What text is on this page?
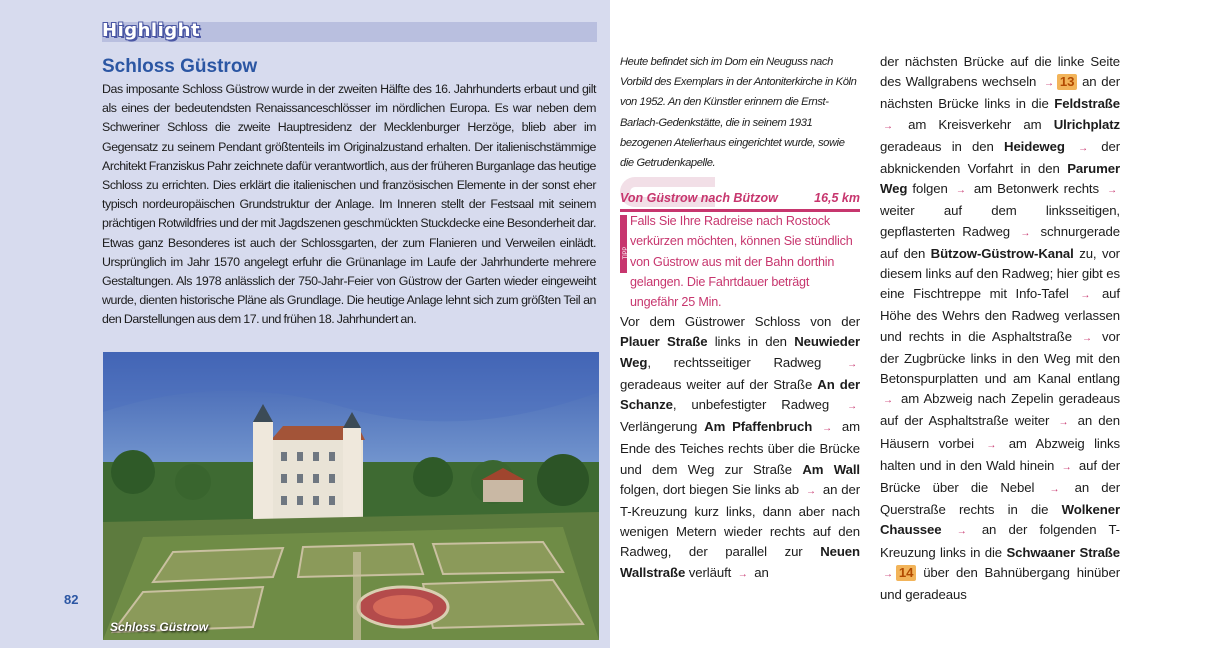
Highlight
Schloss Güstrow
Das imposante Schloss Güstrow wurde in der zweiten Hälfte des 16. Jahrhunderts erbaut und gilt als eines der bedeutendsten Renaissanceschlösser im nördlichen Europa. Es war neben dem Schweriner Schloss die zweite Hauptresidenz der Mecklenburger Herzöge, blieb aber im Gegensatz zu seinem Pendant größtenteils im Originalzustand erhalten. Der italienischstämmige Architekt Franziskus Pahr zeichnete dafür verantwortlich, aus der früheren Burganlage das heutige Schloss zu errichten. Dies erklärt die italienischen und französischen Elemente in der sonst eher typisch nordeuropäischen Grundstruktur der Anlage. Im Inneren stellt der Festsaal mit seinem prächtigen Rotwildfries und der mit Jagdszenen geschmückten Stuckdecke eine Besonderheit dar. Etwas ganz Besonderes ist auch der Schlossgarten, der zum Flanieren und Verweilen einlädt. Ursprünglich im Jahr 1570 angelegt erfuhr die Grünanlage im Laufe der Jahrhunderte mehrere Gestaltungen. Als 1978 anlässlich der 750-Jahr-Feier von Güstrow der Garten wieder eingeweiht wurde, dienten historische Pläne als Grundlage. Die heutige Anlage lehnt sich zum größten Teil an den Darstellungen aus dem 17. und frühen 18. Jahrhundert an.
Schloss Güstrow
82
Heute befindet sich im Dom ein Neuguss nach Vorbild des Exemplars in der Antoniterkirche in Köln von 1952. An den Künstler erinnern die Ernst-Barlach-Gedenkstätte, die in seinem 1931 bezogenen Atelierhaus eingerichtet wurde, sowie die Getrudenkapelle.
Von Güstrow nach Bützow	16,5 km
TIPP
Falls Sie Ihre Radreise nach Rostock verkürzen möchten, können Sie stündlich von Güstrow aus mit der Bahn dorthin gelangen. Die Fahrtdauer beträgt ungefähr 25 Min.
Vor dem Güstrower Schloss von der Plauer Straße links in den Neuwieder Weg, rechtsseitiger Radweg → geradeaus weiter auf der Straße An der Schanze, unbefestigter Radweg → Verlängerung Am Pfaffenbruch → am Ende des Teiches rechts über die Brücke und dem Weg zur Straße Am Wall folgen, dort biegen Sie links ab → an der T-Kreuzung kurz links, dann aber nach wenigen Metern wieder rechts auf den Radweg, der parallel zur Neuen Wallstraße verläuft → an
der nächsten Brücke auf die linke Seite des Wallgrabens wechseln → 13 an der nächsten Brücke links in die Feldstraße → am Kreisverkehr am Ulrichplatz geradeaus in den Heideweg → der abknickenden Vorfahrt in den Parumer Weg folgen → am Betonwerk rechts → weiter auf dem linksseitigen, gepflasterten Radweg → schnurgerade auf den Bützow-Güstrow-Kanal zu, vor diesem links auf den Radweg; hier gibt es eine Fischtreppe mit Info-Tafel → auf Höhe des Wehrs den Radweg verlassen und rechts in die Asphaltstraße → vor der Zugbrücke links in den Weg mit den Betonspurplatten und am Kanal entlang → am Abzweig nach Zepelin geradeaus auf der Asphaltstraße weiter → an den Häusern vorbei → am Abzweig links halten und in den Wald hinein → auf der Brücke über die Nebel → an der Querstraße rechts in die Wolkener Chaussee → an der folgenden T-Kreuzung links in die Schwaaner Straße → 14 über den Bahnübergang hinüber und geradeaus
